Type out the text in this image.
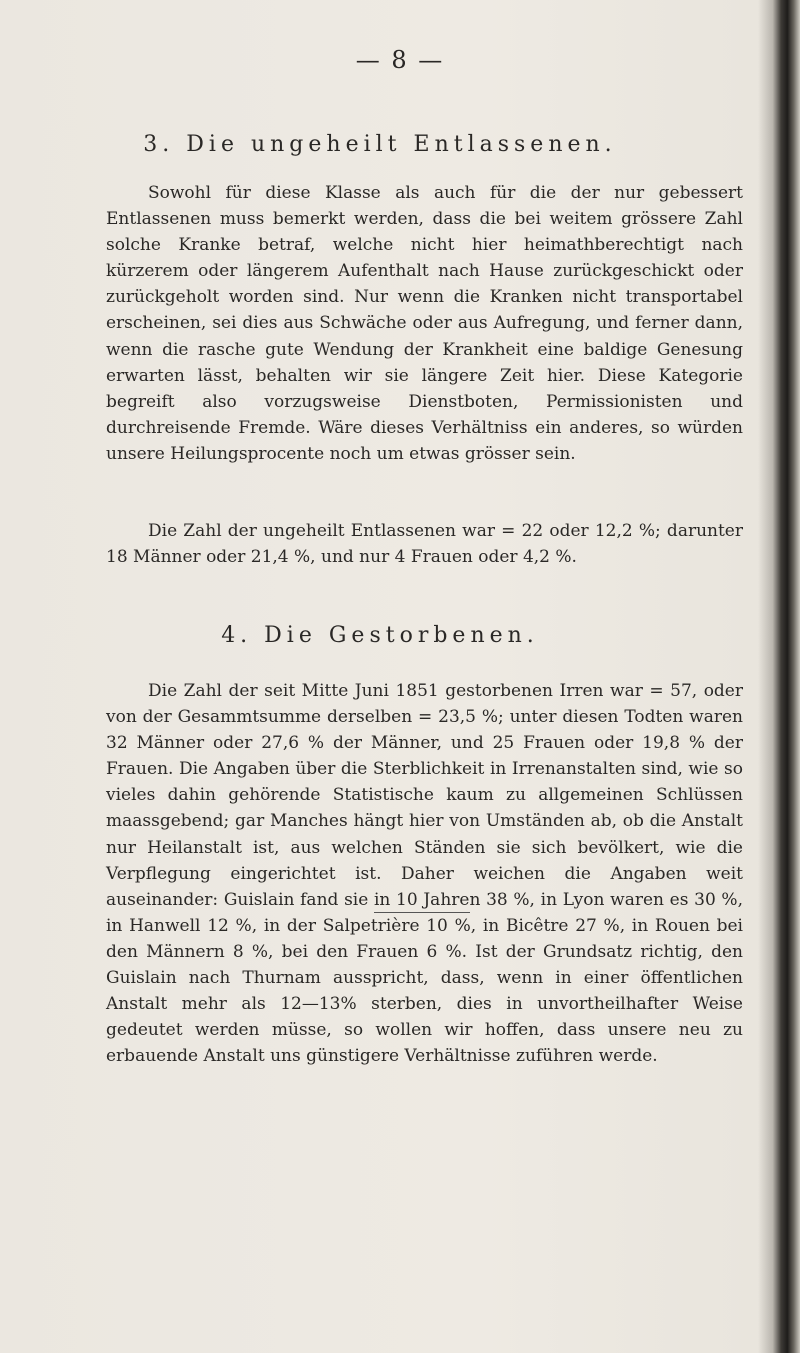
— 8 —
3. Die ungeheilt Entlassenen.

Sowohl für diese Klasse als auch für die der nur gebessert Entlassenen muss bemerkt werden, dass die bei weitem grössere Zahl solche Kranke betraf, welche nicht hier heimathberechtigt nach kürzerem oder längerem Aufenthalt nach Hause zurückgeschickt oder zurückgeholt worden sind. Nur wenn die Kranken nicht transportabel erscheinen, sei dies aus Schwäche oder aus Aufregung, und ferner dann, wenn die rasche gute Wendung der Krankheit eine baldige Genesung erwarten lässt, behalten wir sie längere Zeit hier. Diese Kategorie begreift also vorzugsweise Dienstboten, Permissionisten und durchreisende Fremde. Wäre dieses Verhältniss ein anderes, so würden unsere Heilungsprocente noch um etwas grösser sein.

Die Zahl der ungeheilt Entlassenen war = 22 oder 12,2 %; darunter 18 Männer oder 21,4 %, und nur 4 Frauen oder 4,2 %.

4. Die Gestorbenen.

Die Zahl der seit Mitte Juni 1851 gestorbenen Irren war = 57, oder von der Gesammtsumme derselben = 23,5 %; unter diesen Todten waren 32 Männer oder 27,6 % der Männer, und 25 Frauen oder 19,8 % der Frauen. Die Angaben über die Sterblichkeit in Irrenanstalten sind, wie so vieles dahin gehörende Statistische kaum zu allgemeinen Schlüssen maassgebend; gar Manches hängt hier von Umständen ab, ob die Anstalt nur Heilanstalt ist, aus welchen Ständen sie sich bevölkert, wie die Verpflegung eingerichtet ist. Daher weichen die Angaben weit auseinander: Guislain fand sie in 10 Jahren 38 %, in Lyon waren es 30 %, in Hanwell 12 %, in der Salpetrière 10 %, in Bicêtre 27 %, in Rouen bei den Männern 8 %, bei den Frauen 6 %. Ist der Grundsatz richtig, den Guislain nach Thurnam ausspricht, dass, wenn in einer öffentlichen Anstalt mehr als 12—13% sterben, dies in unvortheilhafter Weise gedeutet werden müsse, so wollen wir hoffen, dass unsere neu zu erbauende Anstalt uns günstigere Verhältnisse zuführen werde.
